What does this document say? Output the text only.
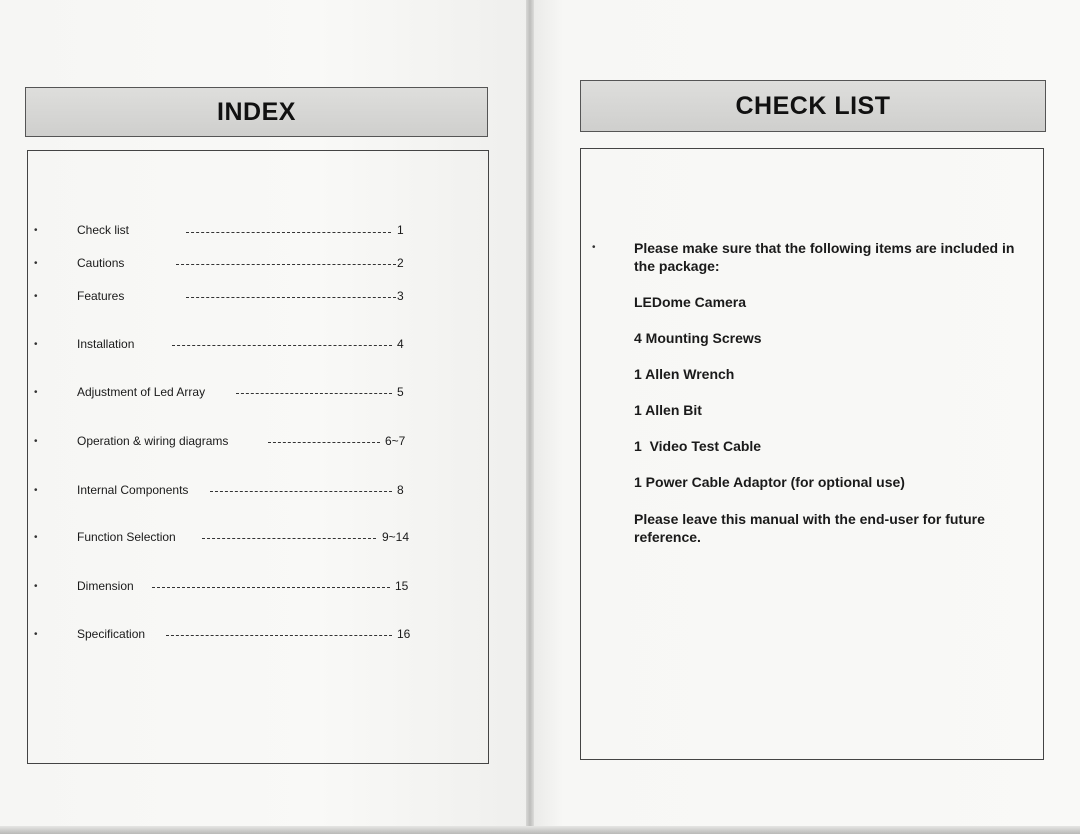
INDEX
•	Check list	1
•	Cautions	2
•	Features	3
•	Installation	4
•	Adjustment of Led Array	5
•	Operation & wiring diagrams	6~7
•	Internal Components	8
•	Function Selection	9~14
•	Dimension	15
•	Specification	16
CHECK LIST
•	Please make sure that the following items are included in the package:
LEDome Camera
4 Mounting Screws
1 Allen Wrench
1 Allen Bit
1  Video Test Cable
1 Power Cable Adaptor (for optional use)
Please leave this manual with the end-user for future reference.
